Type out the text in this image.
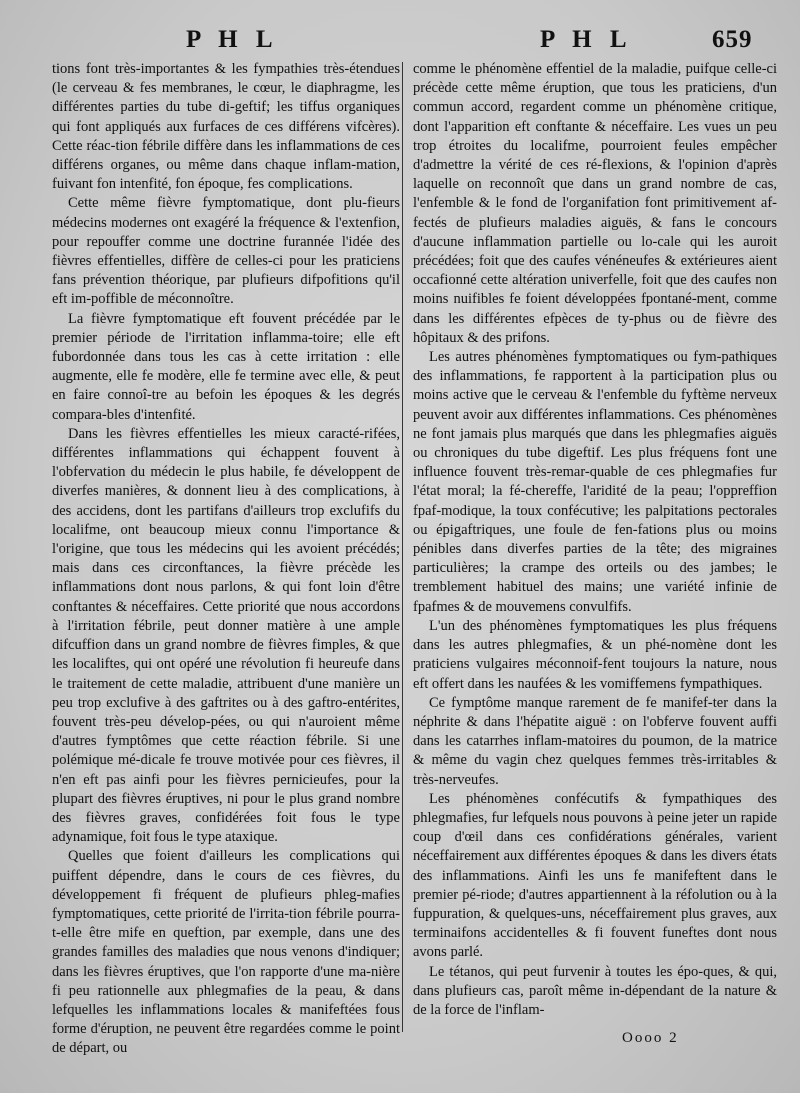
P H L	P H L	659

tions font très-importantes & les fympathies très-étendues (le cerveau & fes membranes, le cœur, le diaphragme, les différentes parties du tube di-geftif; les tiffus organiques qui font appliqués aux furfaces de ces différens vifcères). Cette réac-tion fébrile diffère dans les inflammations de ces différens organes, ou même dans chaque inflam-mation, fuivant fon intenfité, fon époque, fes complications.

Cette même fièvre fymptomatique, dont plu-fieurs médecins modernes ont exagéré la fréquence & l'extenfion, pour repouffer comme une doctrine furannée l'idée des fièvres effentielles, diffère de celles-ci pour les praticiens fans prévention théorique, par plufieurs difpofitions qu'il eft im-poffible de méconnoître.

La fièvre fymptomatique eft fouvent précédée par le premier période de l'irritation inflamma-toire; elle eft fubordonnée dans tous les cas à cette irritation : elle augmente, elle fe modère, elle fe termine avec elle, & peut en faire connoî-tre au befoin les époques & les degrés compara-bles d'intenfité.

Dans les fièvres effentielles les mieux caracté-rifées, différentes inflammations qui échappent fouvent à l'obfervation du médecin le plus habile, fe développent de diverfes manières, & donnent lieu à des complications, à des accidens, dont les partifans d'ailleurs trop exclufifs du localifme, ont beaucoup mieux connu l'importance & l'origine, que tous les médecins qui les avoient précédés; mais dans ces circonftances, la fièvre précède les inflammations dont nous parlons, & qui font loin d'être conftantes & néceffaires. Cette priorité que nous accordons à l'irritation fébrile, peut donner matière à une ample difcuffion dans un grand nombre de fièvres fimples, & que les localiftes, qui ont opéré une révolution fi heureufe dans le traitement de cette maladie, attribuent d'une manière un peu trop exclufive à des gaftrites ou à des gaftro-entérites, fouvent très-peu dévelop-pées, ou qui n'auroient même d'autres fymptômes que cette réaction fébrile. Si une polémique mé-dicale fe trouve motivée pour ces fièvres, il n'en eft pas ainfi pour les fièvres pernicieufes, pour la plupart des fièvres éruptives, ni pour le plus grand nombre des fièvres graves, confidérées foit fous le type adynamique, foit fous le type ataxique.

Quelles que foient d'ailleurs les complications qui puiffent dépendre, dans le cours de ces fièvres, du développement fi fréquent de plufieurs phleg-mafies fymptomatiques, cette priorité de l'irrita-tion fébrile pourra-t-elle être mife en queftion, par exemple, dans une des grandes familles des maladies que nous venons d'indiquer; dans les fièvres éruptives, que l'on rapporte d'une ma-nière fi peu rationnelle aux phlegmafies de la peau, & dans lefquelles les inflammations locales & manifeftées fous forme d'éruption, ne peuvent être regardées comme le point de départ, ou

comme le phénomène effentiel de la maladie, puifque celle-ci précède cette même éruption, que tous les praticiens, d'un commun accord, regardent comme un phénomène critique, dont l'apparition eft conftante & néceffaire. Les vues un peu trop étroites du localifme, pourroient feules empêcher d'admettre la vérité de ces ré-flexions, & l'opinion d'après laquelle on reconnoît que dans un grand nombre de cas, l'enfemble & le fond de l'organifation font primitivement af-fectés de plufieurs maladies aiguës, & fans le concours d'aucune inflammation partielle ou lo-cale qui les auroit précédées; foit que des caufes vénéneufes & extérieures aient occafionné cette altération univerfelle, foit que des caufes non moins nuifibles fe foient développées fpontané-ment, comme dans les différentes efpèces de ty-phus ou de fièvre des hôpitaux & des prifons.

Les autres phénomènes fymptomatiques ou fym-pathiques des inflammations, fe rapportent à la participation plus ou moins active que le cerveau & l'enfemble du fyftème nerveux peuvent avoir aux différentes inflammations. Ces phénomènes ne font jamais plus marqués que dans les phlegmafies aiguës ou chroniques du tube digeftif. Les plus fréquens font une influence fouvent très-remar-quable de ces phlegmafies fur l'état moral; la fé-chereffe, l'aridité de la peau; l'oppreffion fpaf-modique, la toux confécutive; les palpitations pectorales ou épigaftriques, une foule de fen-fations plus ou moins pénibles dans diverfes parties de la tête; des migraines particulières; la crampe des orteils ou des jambes; le tremblement habituel des mains; une variété infinie de fpafmes & de mouvemens convulfifs.

L'un des phénomènes fymptomatiques les plus fréquens dans les autres phlegmafies, & un phé-nomène dont les praticiens vulgaires méconnoif-fent toujours la nature, nous eft offert dans les naufées & les vomiffemens fympathiques.

Ce fymptôme manque rarement de fe manifef-ter dans la néphrite & dans l'hépatite aiguë : on l'obferve fouvent auffi dans les catarrhes inflam-matoires du poumon, de la matrice & même du vagin chez quelques femmes très-irritables & très-nerveufes.

Les phénomènes confécutifs & fympathiques des phlegmafies, fur lefquels nous pouvons à peine jeter un rapide coup d'œil dans ces confidérations générales, varient néceffairement aux différentes époques & dans les divers états des inflammations. Ainfi les uns fe manifeftent dans le premier pé-riode; d'autres appartiennent à la réfolution ou à la fuppuration, & quelques-uns, néceffairement plus graves, aux terminaifons accidentelles & fi fouvent funeftes dont nous avons parlé.

Le tétanos, qui peut furvenir à toutes les épo-ques, & qui, dans plufieurs cas, paroît même in-dépendant de la nature & de la force de l'inflam-

Oooo 2
